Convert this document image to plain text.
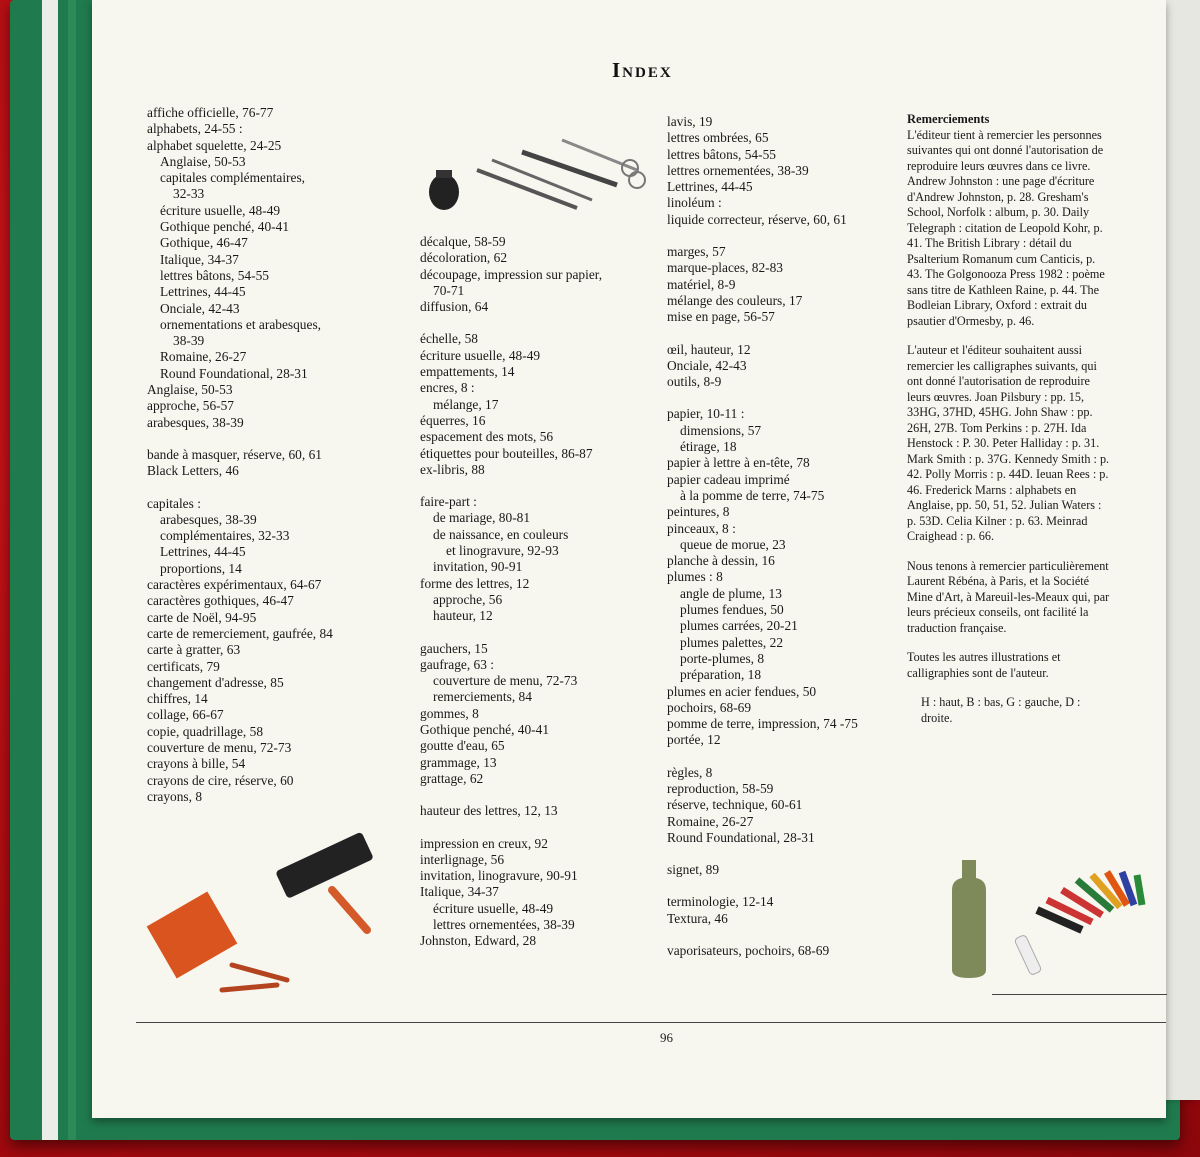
Index
affiche officielle, 76-77
alphabets, 24-55 :
alphabet squelette, 24-25
Anglaise, 50-53
capitales complémentaires,
32-33
écriture usuelle, 48-49
Gothique penché, 40-41
Gothique, 46-47
Italique, 34-37
lettres bâtons, 54-55
Lettrines, 44-45
Onciale, 42-43
ornementations et arabesques,
38-39
Romaine, 26-27
Round Foundational, 28-31
Anglaise, 50-53
approche, 56-57
arabesques, 38-39
bande à masquer, réserve, 60, 61
Black Letters, 46
capitales :
arabesques, 38-39
complémentaires, 32-33
Lettrines, 44-45
proportions, 14
caractères expérimentaux, 64-67
caractères gothiques, 46-47
carte de Noël, 94-95
carte de remerciement, gaufrée, 84
carte à gratter, 63
certificats, 79
changement d'adresse, 85
chiffres, 14
collage, 66-67
copie, quadrillage, 58
couverture de menu, 72-73
crayons à bille, 54
crayons de cire, réserve, 60
crayons, 8
décalque, 58-59
décoloration, 62
découpage, impression sur papier,
70-71
diffusion, 64
échelle, 58
écriture usuelle, 48-49
empattements, 14
encres, 8 :
mélange, 17
équerres, 16
espacement des mots, 56
étiquettes pour bouteilles, 86-87
ex-libris, 88
faire-part :
de mariage, 80-81
de naissance, en couleurs
et linogravure, 92-93
invitation, 90-91
forme des lettres, 12
approche, 56
hauteur, 12
gauchers, 15
gaufrage, 63 :
couverture de menu, 72-73
remerciements, 84
gommes, 8
Gothique penché, 40-41
goutte d'eau, 65
grammage, 13
grattage, 62
hauteur des lettres, 12, 13
impression en creux, 92
interlignage, 56
invitation, linogravure, 90-91
Italique, 34-37
écriture usuelle, 48-49
lettres ornementées, 38-39
Johnston, Edward, 28
lavis, 19
lettres ombrées, 65
lettres bâtons, 54-55
lettres ornementées, 38-39
Lettrines, 44-45
linoléum :
liquide correcteur, réserve, 60, 61
marges, 57
marque-places, 82-83
matériel, 8-9
mélange des couleurs, 17
mise en page, 56-57
œil, hauteur, 12
Onciale, 42-43
outils, 8-9
papier, 10-11 :
dimensions, 57
étirage, 18
papier à lettre à en-tête, 78
papier cadeau imprimé
à la pomme de terre, 74-75
peintures, 8
pinceaux, 8 :
queue de morue, 23
planche à dessin, 16
plumes : 8
angle de plume, 13
plumes fendues, 50
plumes carrées, 20-21
plumes palettes, 22
porte-plumes, 8
préparation, 18
plumes en acier fendues, 50
pochoirs, 68-69
pomme de terre, impression, 74 -75
portée, 12
règles, 8
reproduction, 58-59
réserve, technique, 60-61
Romaine, 26-27
Round Foundational, 28-31
signet, 89
terminologie, 12-14
Textura, 46
vaporisateurs, pochoirs, 68-69
Remerciements

L'éditeur tient à remercier les personnes suivantes qui ont donné l'autorisation de reproduire leurs œuvres dans ce livre. Andrew Johnston : une page d'écriture d'Andrew Johnston, p. 28. Gresham's School, Norfolk : album, p. 30. Daily Telegraph : citation de Leopold Kohr, p. 41. The British Library : détail du Psalterium Romanum cum Canticis, p. 43. The Golgonooza Press 1982 : poème sans titre de Kathleen Raine, p. 44. The Bodleian Library, Oxford : extrait du psautier d'Ormesby, p. 46.

L'auteur et l'éditeur souhaitent aussi remercier les calligraphes suivants, qui ont donné l'autorisation de reproduire leurs œuvres. Joan Pilsbury : pp. 15, 33HG, 37HD, 45HG. John Shaw : pp. 26H, 27B. Tom Perkins : p. 27H. Ida Henstock : P. 30. Peter Halliday : p. 31. Mark Smith : p. 37G. Kennedy Smith : p. 42. Polly Morris : p. 44D. Ieuan Rees : p. 46. Frederick Marns : alphabets en Anglaise, pp. 50, 51, 52. Julian Waters : p. 53D. Celia Kilner : p. 63. Meinrad Craighead : p. 66.

Nous tenons à remercier particulièrement Laurent Rébéna, à Paris, et la Société Mine d'Art, à Mareuil-les-Meaux qui, par leurs précieux conseils, ont facilité la traduction française.

Toutes les autres illustrations et calligraphies sont de l'auteur.

H : haut, B : bas, G : gauche, D : droite.

96
